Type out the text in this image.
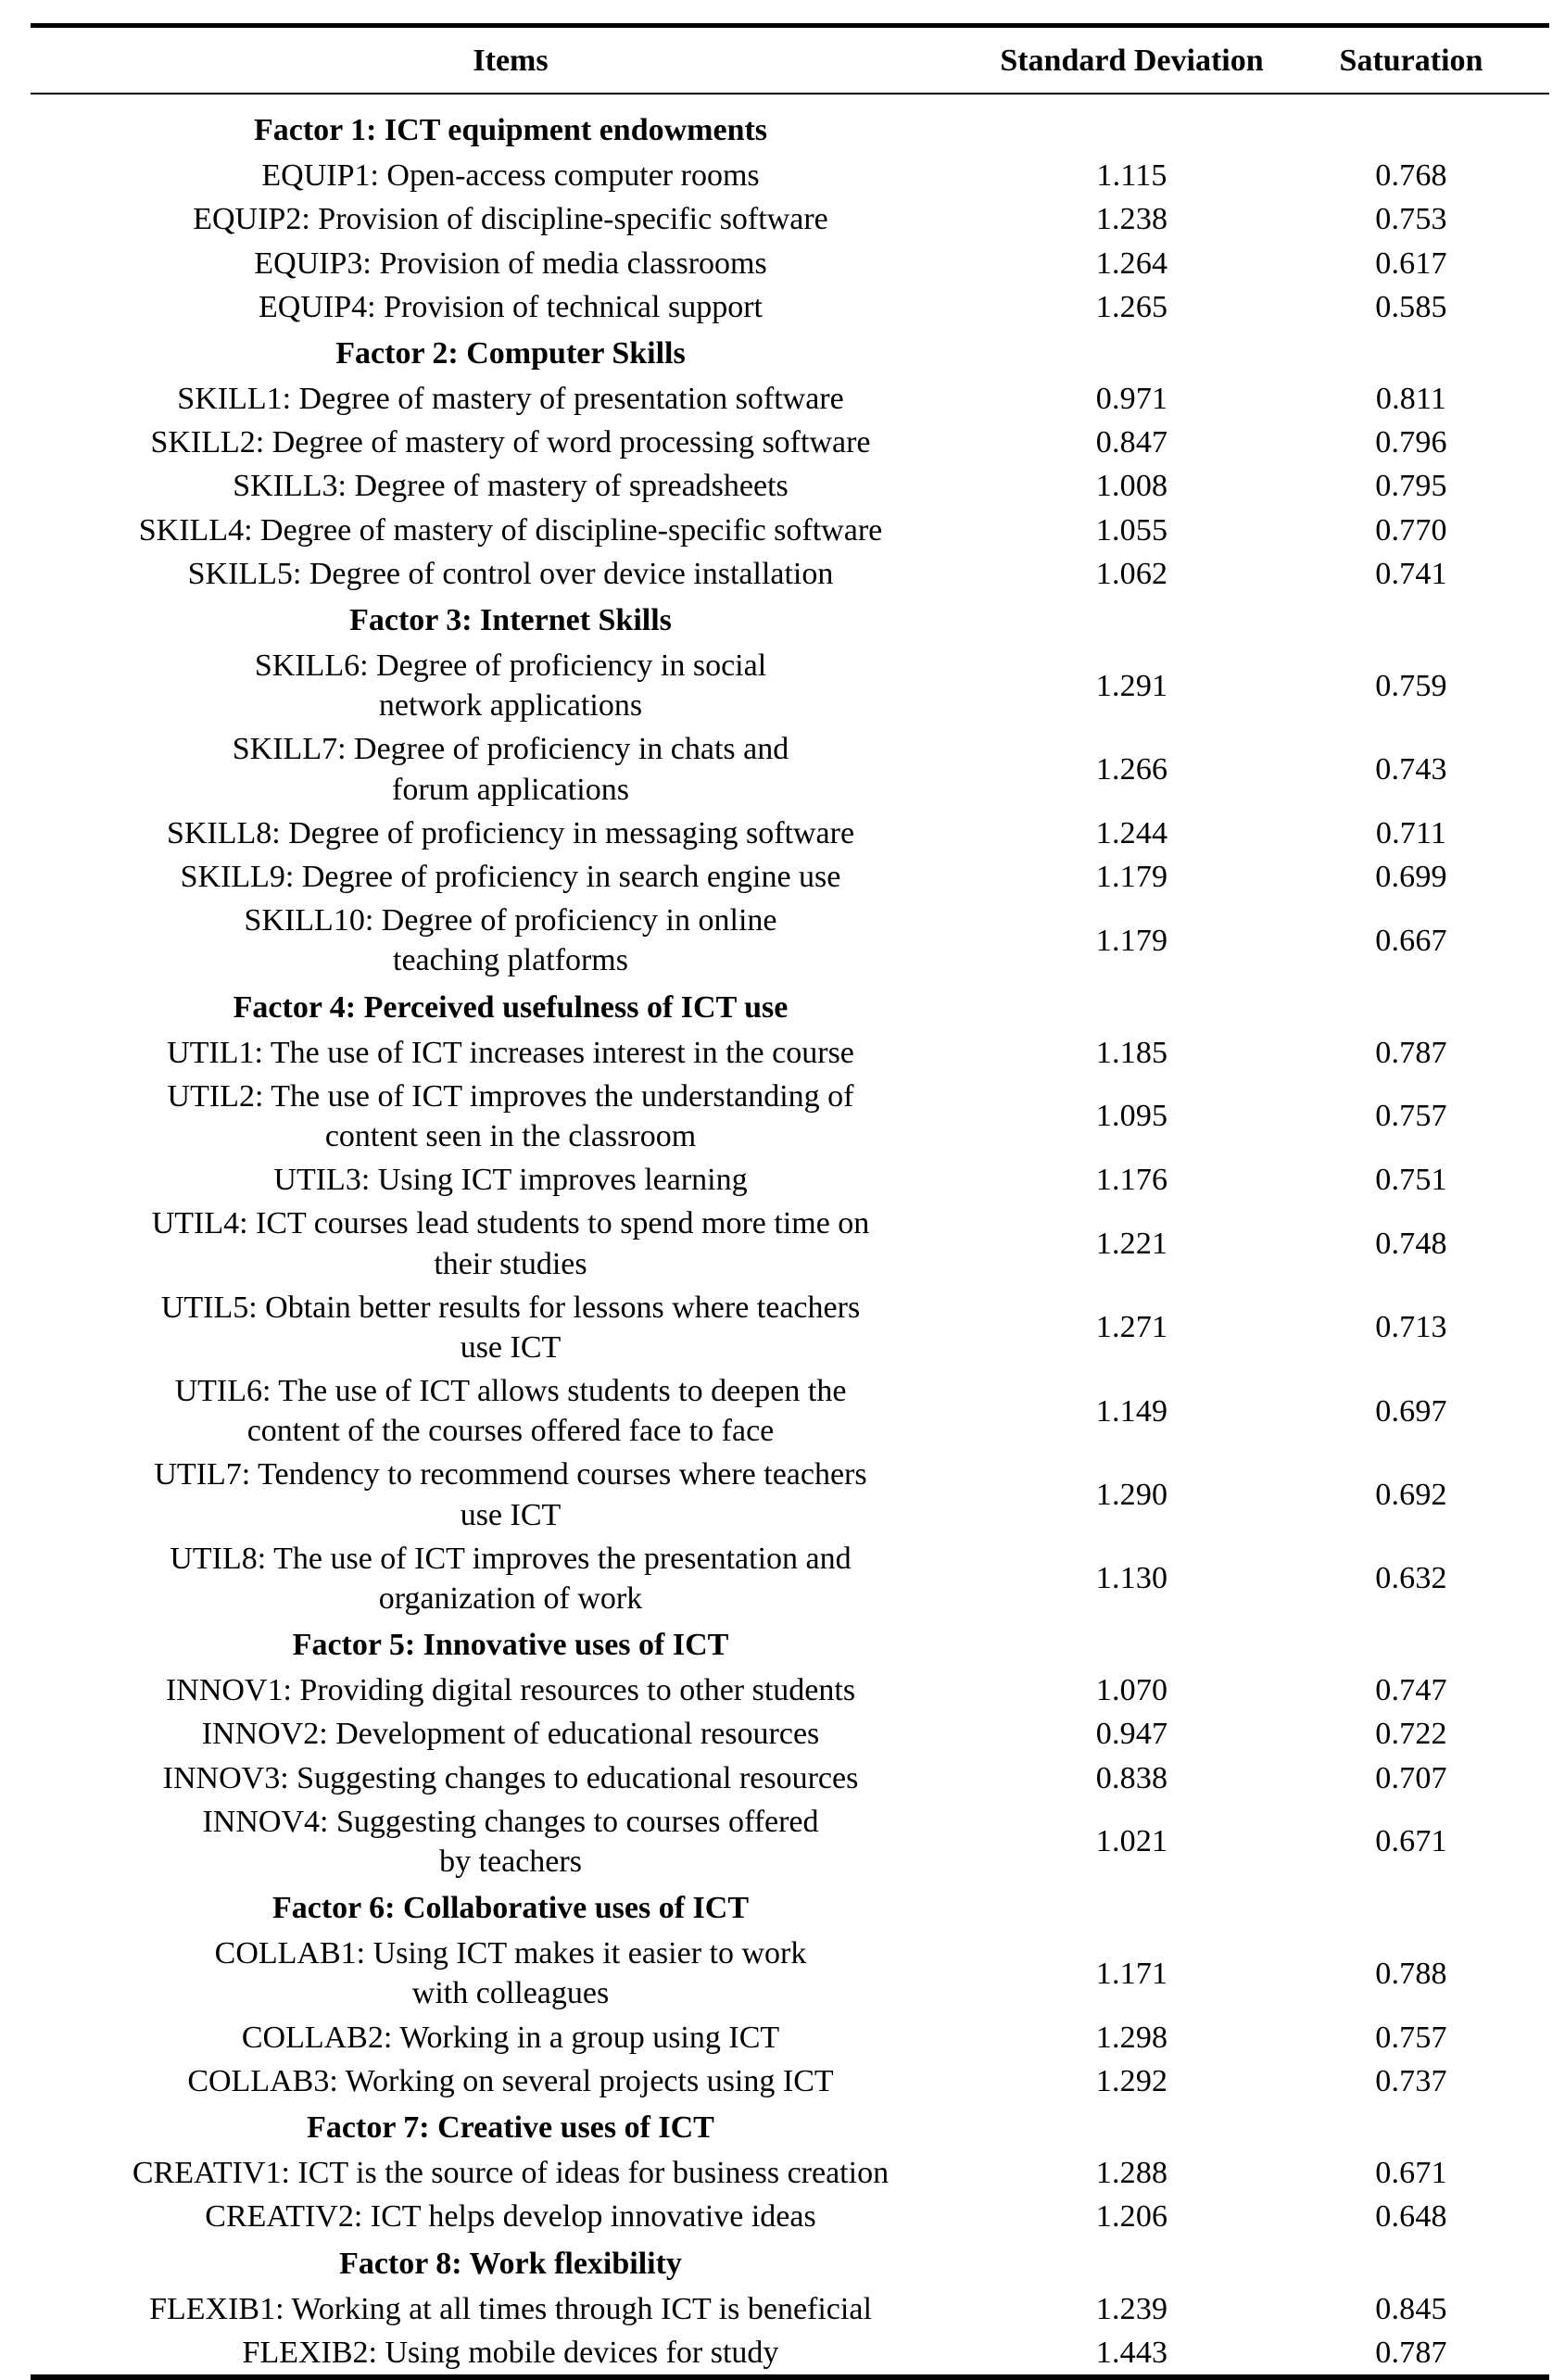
Items	Standard Deviation	Saturation
Factor 1: ICT equipment endowments		

EQUIP1: Open-access computer rooms	1.115	0.768

EQUIP2: Provision of discipline-specific software	1.238	0.753

EQUIP3: Provision of media classrooms	1.264	0.617

EQUIP4: Provision of technical support	1.265	0.585
Factor 2: Computer Skills		

SKILL1: Degree of mastery of presentation software	0.971	0.811

SKILL2: Degree of mastery of word processing software	0.847	0.796

SKILL3: Degree of mastery of spreadsheets	1.008	0.795

SKILL4: Degree of mastery of discipline-specific software	1.055	0.770

SKILL5: Degree of control over device installation	1.062	0.741
Factor 3: Internet Skills		

SKILL6: Degree of proficiency in social
network applications	1.291	0.759

SKILL7: Degree of proficiency in chats and
forum applications	1.266	0.743

SKILL8: Degree of proficiency in messaging software	1.244	0.711

SKILL9: Degree of proficiency in search engine use	1.179	0.699

SKILL10: Degree of proficiency in online
teaching platforms	1.179	0.667
Factor 4: Perceived usefulness of ICT use		

UTIL1: The use of ICT increases interest in the course	1.185	0.787

UTIL2: The use of ICT improves the understanding of
content seen in the classroom	1.095	0.757

UTIL3: Using ICT improves learning	1.176	0.751

UTIL4: ICT courses lead students to spend more time on
their studies	1.221	0.748

UTIL5: Obtain better results for lessons where teachers
use ICT	1.271	0.713

UTIL6: The use of ICT allows students to deepen the
content of the courses offered face to face	1.149	0.697

UTIL7: Tendency to recommend courses where teachers
use ICT	1.290	0.692

UTIL8: The use of ICT improves the presentation and
organization of work	1.130	0.632
Factor 5: Innovative uses of ICT		

INNOV1: Providing digital resources to other students	1.070	0.747

INNOV2: Development of educational resources	0.947	0.722

INNOV3: Suggesting changes to educational resources	0.838	0.707

INNOV4: Suggesting changes to courses offered
by teachers	1.021	0.671
Factor 6: Collaborative uses of ICT		

COLLAB1: Using ICT makes it easier to work
with colleagues	1.171	0.788

COLLAB2: Working in a group using ICT	1.298	0.757

COLLAB3: Working on several projects using ICT	1.292	0.737
Factor 7: Creative uses of ICT		

CREATIV1: ICT is the source of ideas for business creation	1.288	0.671

CREATIV2: ICT helps develop innovative ideas	1.206	0.648
Factor 8: Work flexibility		

FLEXIB1: Working at all times through ICT is beneficial	1.239	0.845

FLEXIB2: Using mobile devices for study	1.443	0.787
